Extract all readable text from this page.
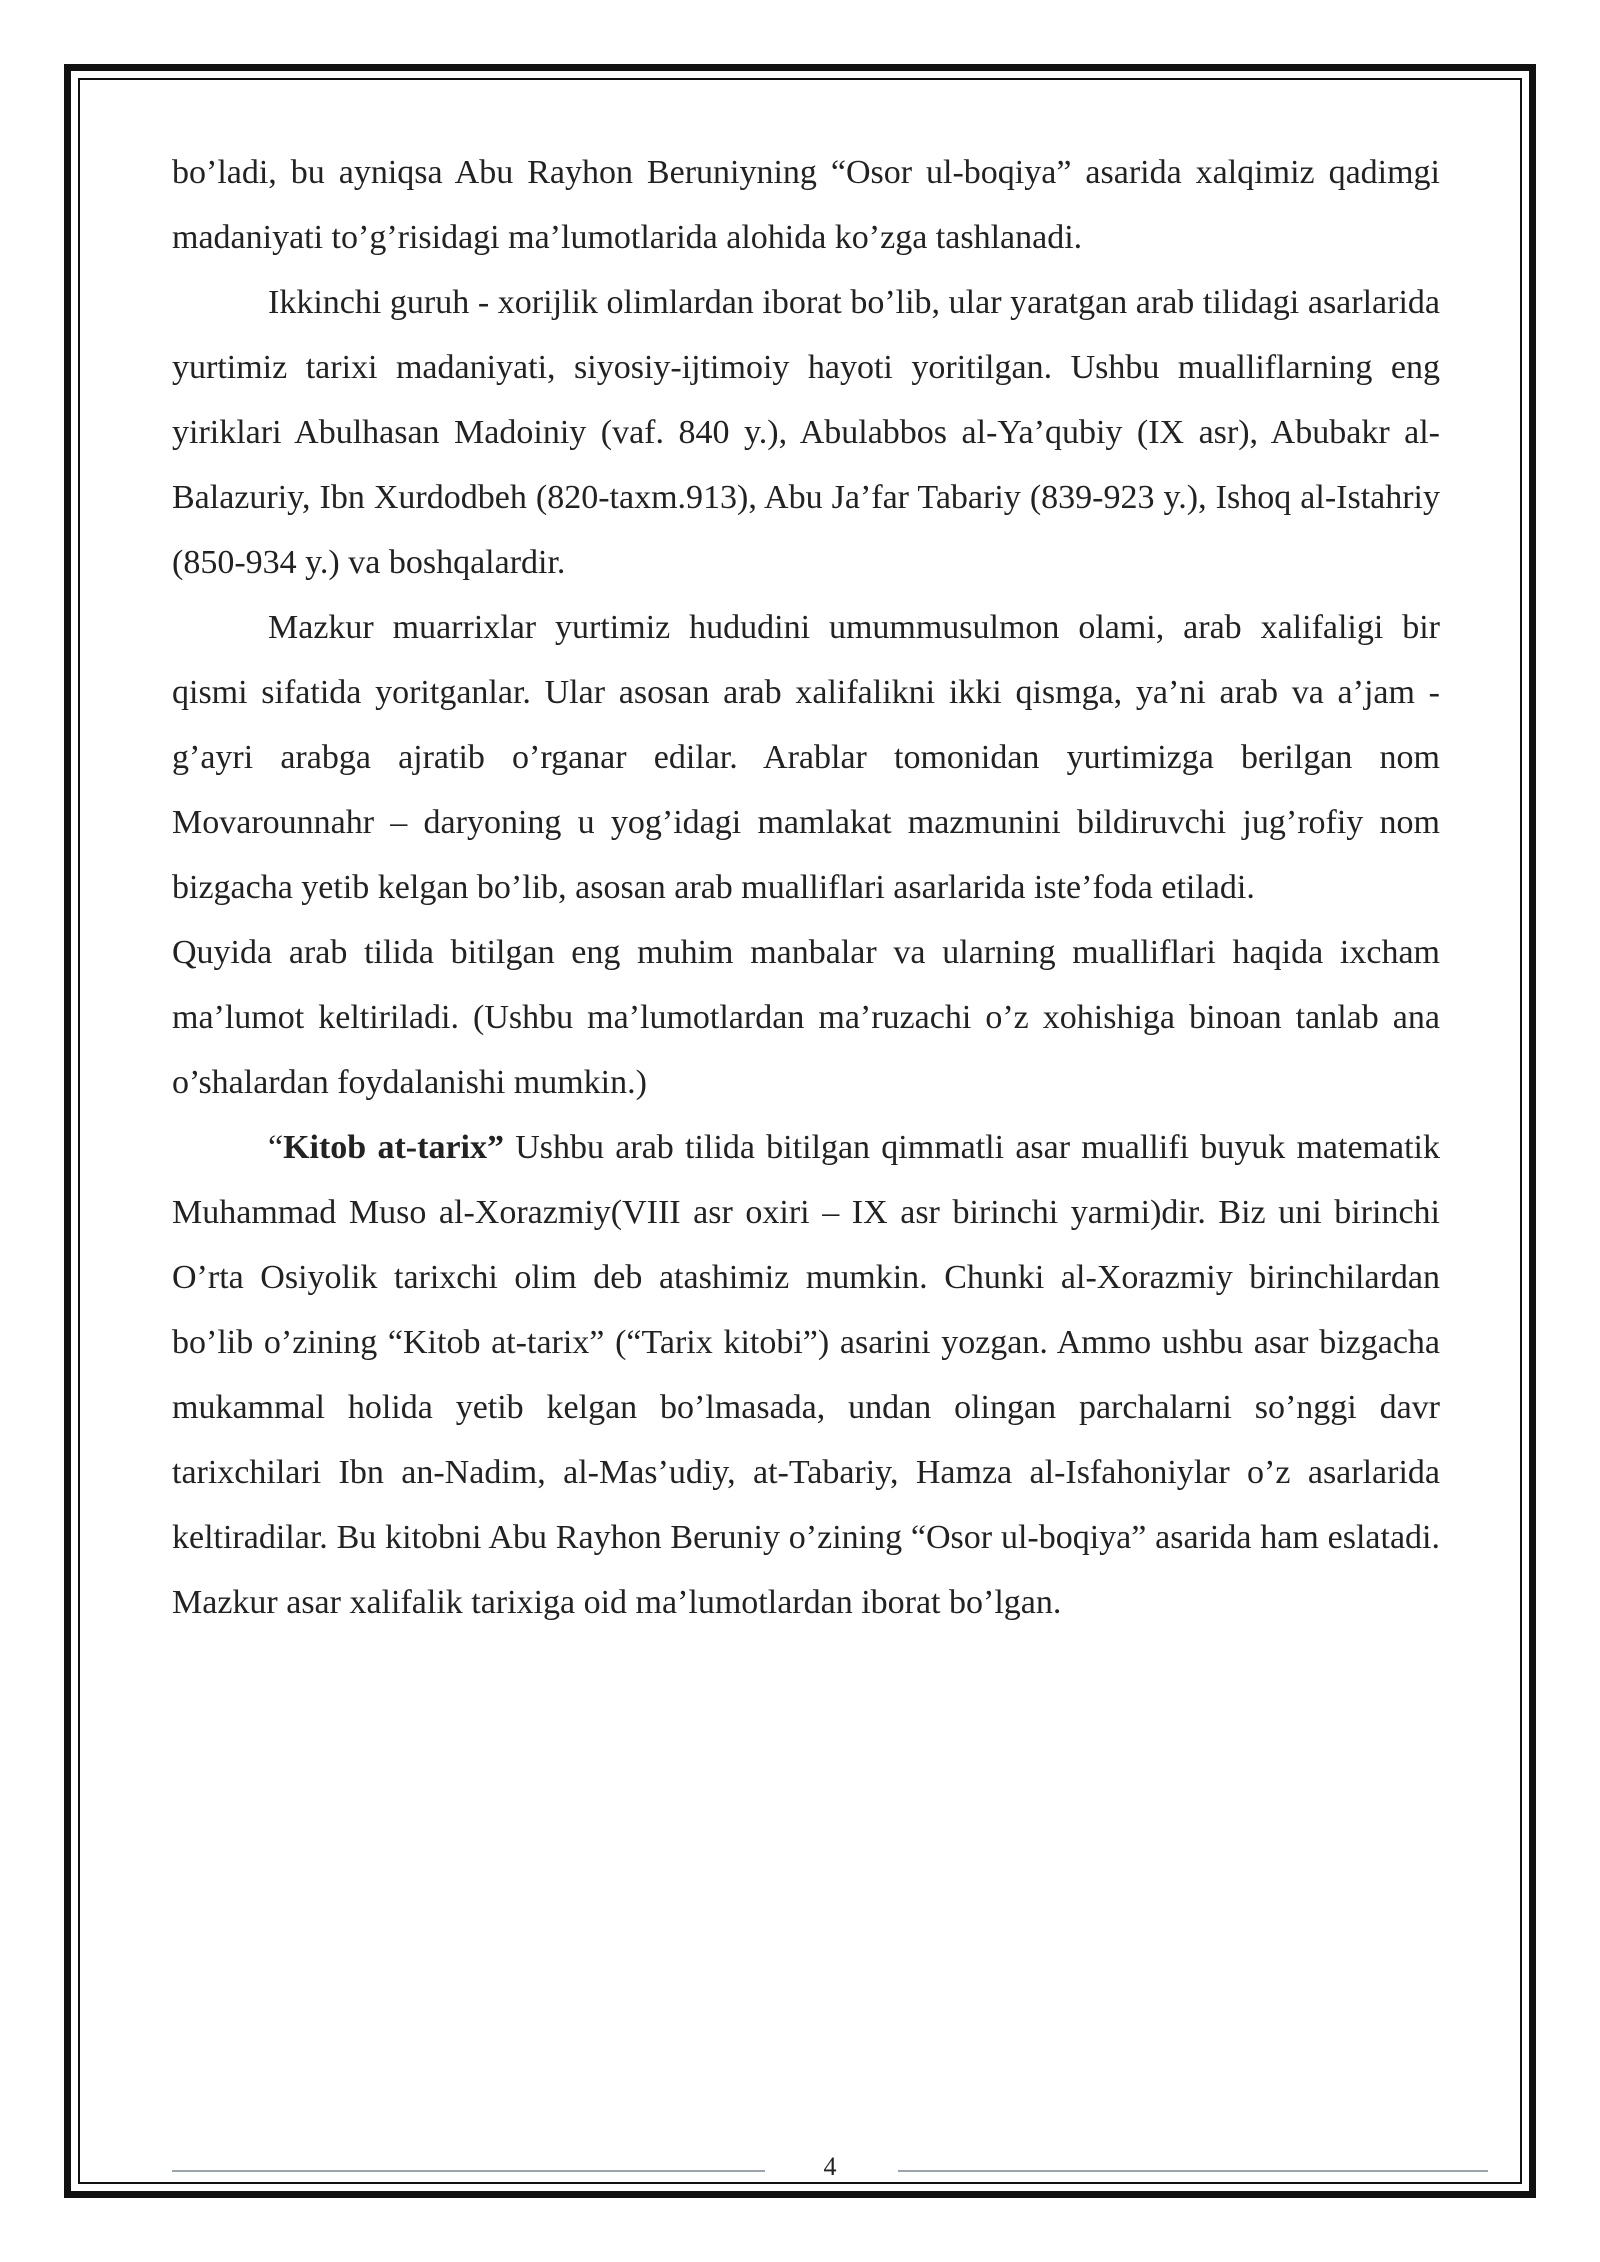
bo’ladi, bu ayniqsa Abu Rayhon Beruniyning “Osor ul-boqiya” asarida xalqimiz qadimgi madaniyati to’g’risidagi ma’lumotlarida alohida ko’zga tashlanadi.

Ikkinchi guruh - xorijlik olimlardan iborat bo’lib, ular yaratgan arab tilidagi asarlarida yurtimiz tarixi madaniyati, siyosiy-ijtimoiy hayoti yoritilgan. Ushbu mualliflarning eng yiriklari Abulhasan Madoiniy (vaf. 840 y.), Abulabbos al-Ya’qubiy (IX asr), Abubakr al-Balazuriy, Ibn Xurdodbeh (820-taxm.913), Abu Ja’far Tabariy (839-923 y.), Ishoq al-Istahriy (850-934 y.) va boshqalardir.

Mazkur muarrixlar yurtimiz hududini umummusulmon olami, arab xalifaligi bir qismi sifatida yoritganlar. Ular asosan arab xalifalikni ikki qismga, ya’ni arab va a’jam - g’ayri arabga ajratib o’rganar edilar. Arablar tomonidan yurtimizga berilgan nom Movarounnahr – daryoning u yog’idagi mamlakat mazmunini bildiruvchi jug’rofiy nom bizgacha yetib kelgan bo’lib, asosan arab mualliflari asarlarida iste’foda etiladi.

Quyida arab tilida bitilgan eng muhim manbalar va ularning mualliflari haqida ixcham ma’lumot keltiriladi. (Ushbu ma’lumotlardan ma’ruzachi o’z xohishiga binoan tanlab ana o’shalardan foydalanishi mumkin.)

“Kitob at-tarix” Ushbu arab tilida bitilgan qimmatli asar muallifi buyuk matematik Muhammad Muso al-Xorazmiy(VIII asr oxiri – IX asr birinchi yarmi)dir. Biz uni birinchi O’rta Osiyolik tarixchi olim deb atashimiz mumkin. Chunki al-Xorazmiy birinchilardan bo’lib o’zining “Kitob at-tarix” (“Tarix kitobi”) asarini yozgan. Ammo ushbu asar bizgacha mukammal holida yetib kelgan bo’lmasada, undan olingan parchalarni so’nggi davr tarixchilari Ibn an-Nadim, al-Mas’udiy, at-Tabariy, Hamza al-Isfahoniylar o’z asarlarida keltiradilar. Bu kitobni Abu Rayhon Beruniy o’zining “Osor ul-boqiya” asarida ham eslatadi. Mazkur asar xalifalik tarixiga oid ma’lumotlardan iborat bo’lgan.

4
